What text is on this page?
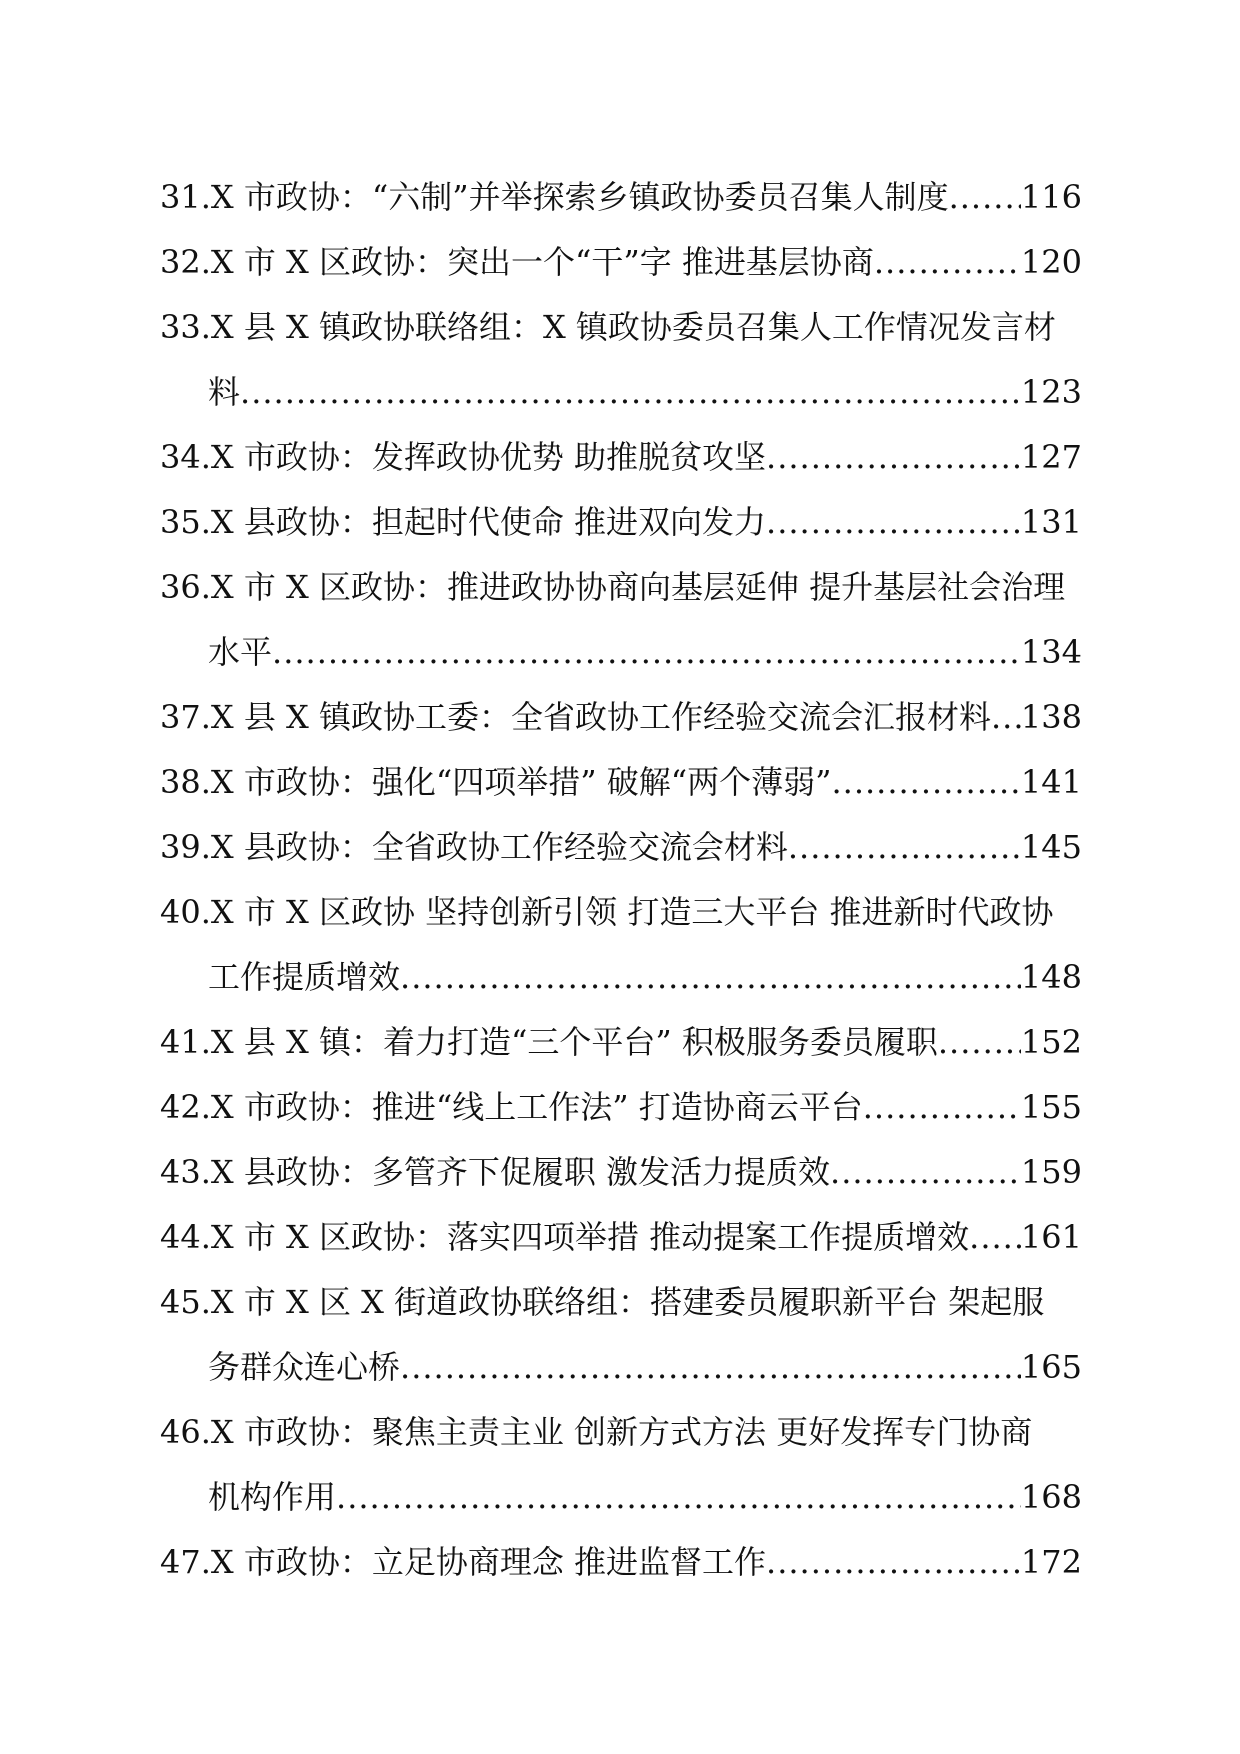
31.X 市政协：“六制”并举探索乡镇政协委员召集人制度 ..... 116
32.X 市 X 区政协：突出一个“干”字 推进基层协商 .....	120
33.X 县 X 镇政协联络组：X 镇政协委员召集人工作情况发言材
料 .....	123
34.X 市政协：发挥政协优势 助推脱贫攻坚 .....	127
35.X 县政协：担起时代使命 推进双向发力 .....	131
36.X 市 X 区政协：推进政协协商向基层延伸 提升基层社会治理
水平 .....	134
37.X 县 X 镇政协工委：全省政协工作经验交流会汇报材料 ..... 138
38.X 市政协：强化“四项举措” 破解“两个薄弱” .....	141
39.X 县政协：全省政协工作经验交流会材料 .....	145
40.X 市 X 区政协 坚持创新引领 打造三大平台 推进新时代政协
工作提质增效 .....	148
41.X 县 X 镇：着力打造“三个平台” 积极服务委员履职 .....	152
42.X 市政协：推进“线上工作法” 打造协商云平台 .....	155
43.X 县政协：多管齐下促履职 激发活力提质效 .....	159
44.X 市 X 区政协：落实四项举措 推动提案工作提质增效 ..... 161
45.X 市 X 区 X 街道政协联络组：搭建委员履职新平台 架起服
务群众连心桥 .....	165
46.X 市政协：聚焦主责主业 创新方式方法 更好发挥专门协商
机构作用 .....	168
47.X 市政协：立足协商理念 推进监督工作 .....	172
